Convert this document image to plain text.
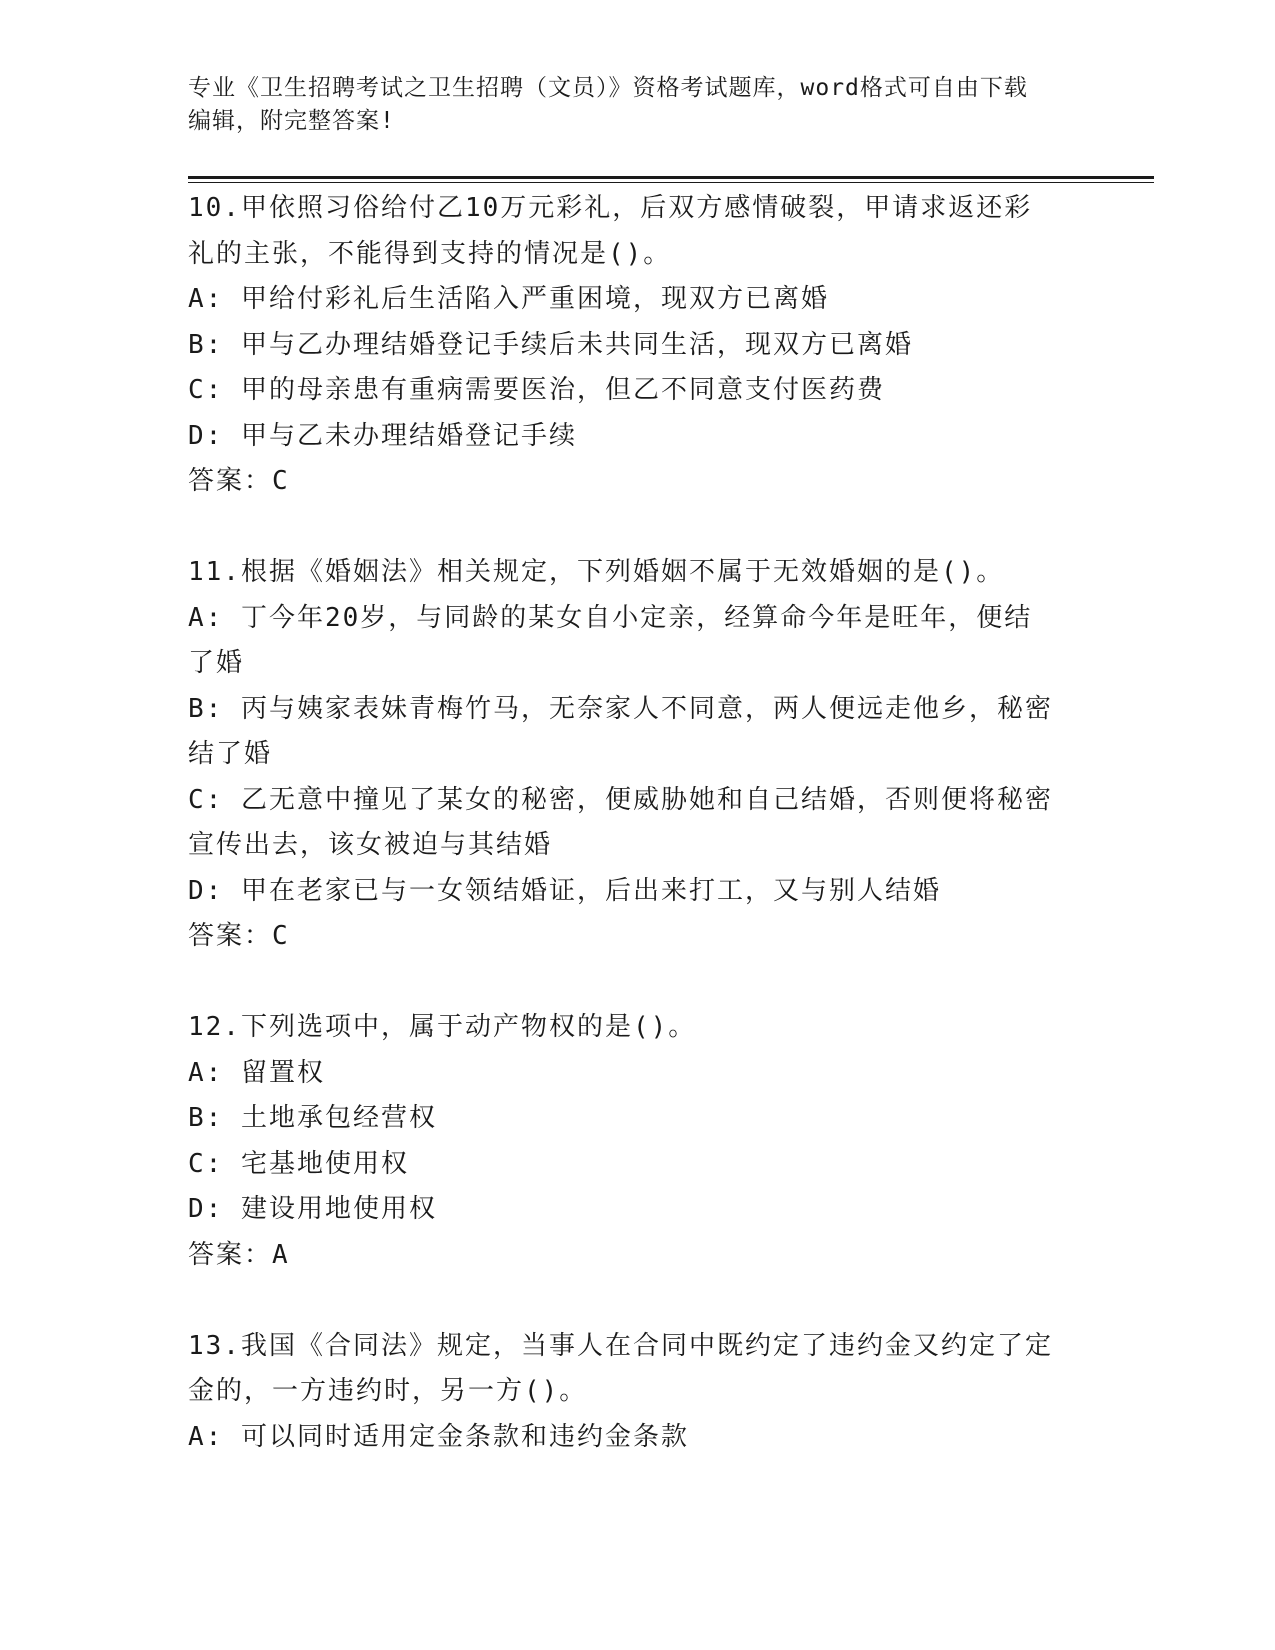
专业《卫生招聘考试之卫生招聘（文员）》资格考试题库，word格式可自由下载
编辑，附完整答案!
10.甲依照习俗给付乙10万元彩礼，后双方感情破裂，甲请求返还彩
礼的主张，不能得到支持的情况是()。
A: 甲给付彩礼后生活陷入严重困境，现双方已离婚
B: 甲与乙办理结婚登记手续后未共同生活，现双方已离婚
C: 甲的母亲患有重病需要医治，但乙不同意支付医药费
D: 甲与乙未办理结婚登记手续
答案：C
11.根据《婚姻法》相关规定，下列婚姻不属于无效婚姻的是()。
A: 丁今年20岁，与同龄的某女自小定亲，经算命今年是旺年，便结
了婚
B: 丙与姨家表妹青梅竹马，无奈家人不同意，两人便远走他乡，秘密
结了婚
C: 乙无意中撞见了某女的秘密，便威胁她和自己结婚，否则便将秘密
宣传出去，该女被迫与其结婚
D: 甲在老家已与一女领结婚证，后出来打工，又与别人结婚
答案：C
12.下列选项中，属于动产物权的是()。
A: 留置权
B: 土地承包经营权
C: 宅基地使用权
D: 建设用地使用权
答案：A
13.我国《合同法》规定，当事人在合同中既约定了违约金又约定了定
金的，一方违约时，另一方()。
A: 可以同时适用定金条款和违约金条款
